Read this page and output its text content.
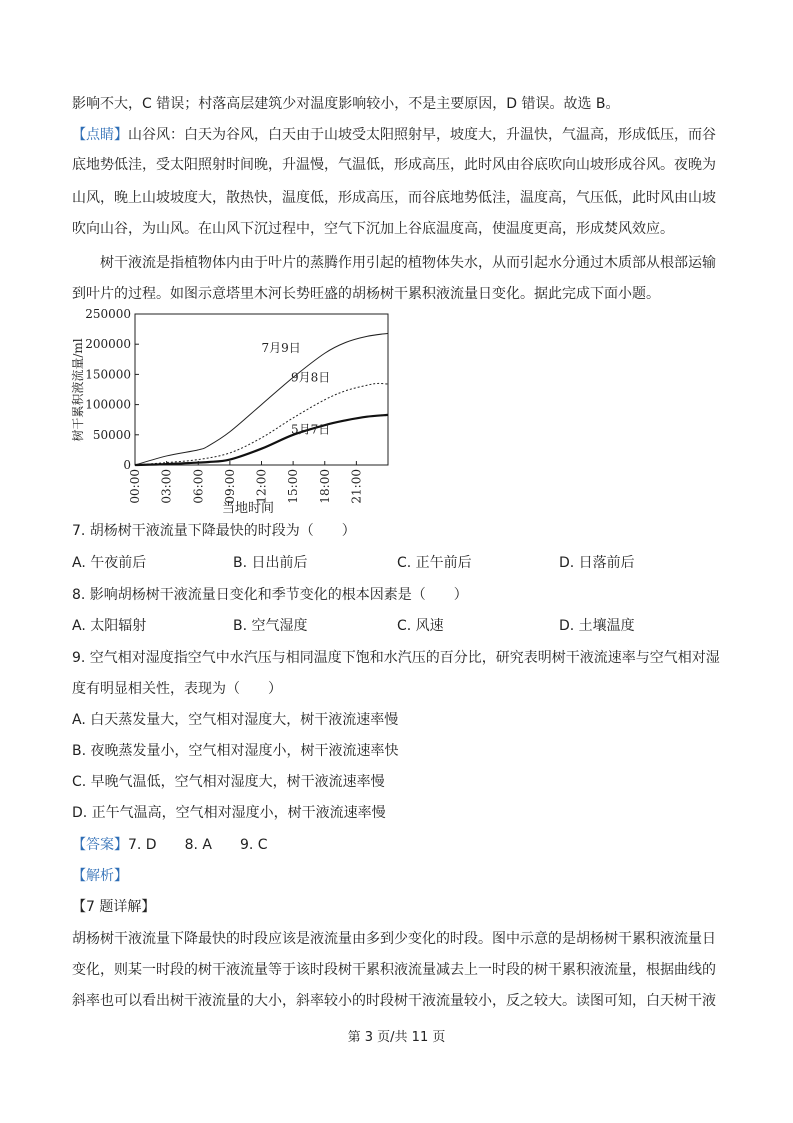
影响不大，C 错误；村落高层建筑少对温度影响较小，不是主要原因，D 错误。故选 B。
【点睛】山谷风：白天为谷风，白天由于山坡受太阳照射早，坡度大，升温快，气温高，形成低压，而谷
底地势低洼，受太阳照射时间晚，升温慢，气温低，形成高压，此时风由谷底吹向山坡形成谷风。夜晚为
山风，晚上山坡坡度大，散热快，温度低，形成高压，而谷底地势低洼，温度高，气压低，此时风由山坡
吹向山谷，为山风。在山风下沉过程中，空气下沉加上谷底温度高，使温度更高，形成焚风效应。
树干液流是指植物体内由于叶片的蒸腾作用引起的植物体失水，从而引起水分通过木质部从根部运输
到叶片的过程。如图示意塔里木河长势旺盛的胡杨树干累积液流量日变化。据此完成下面小题。
0
50000
100000
150000
200000
250000
00:00 03:00 06:00 09:00 12:00 15:00 18:00 21:00
树干累积液流量/ml
当地时间
7月9日
9月8日
5月7日
7. 胡杨树干液流量下降最快的时段为（　　）
A. 午夜前后	B. 日出前后	C. 正午前后	D. 日落前后
8. 影响胡杨树干液流量日变化和季节变化的根本因素是（　　）
A. 太阳辐射	B. 空气湿度	C. 风速	D. 土壤温度
9. 空气相对湿度指空气中水汽压与相同温度下饱和水汽压的百分比，研究表明树干液流速率与空气相对湿
度有明显相关性，表现为（　　）
A. 白天蒸发量大，空气相对湿度大，树干液流速率慢
B. 夜晚蒸发量小，空气相对湿度小，树干液流速率快
C. 早晚气温低，空气相对湿度大，树干液流速率慢
D. 正午气温高，空气相对湿度小，树干液流速率慢
【答案】7. D　　8. A　　9. C
【解析】
【7 题详解】
胡杨树干液流量下降最快的时段应该是液流量由多到少变化的时段。图中示意的是胡杨树干累积液流量日
变化，则某一时段的树干液流量等于该时段树干累积液流量减去上一时段的树干累积液流量，根据曲线的
斜率也可以看出树干液流量的大小，斜率较小的时段树干液流量较小，反之较大。读图可知，白天树干液
第 3 页/共 11 页
